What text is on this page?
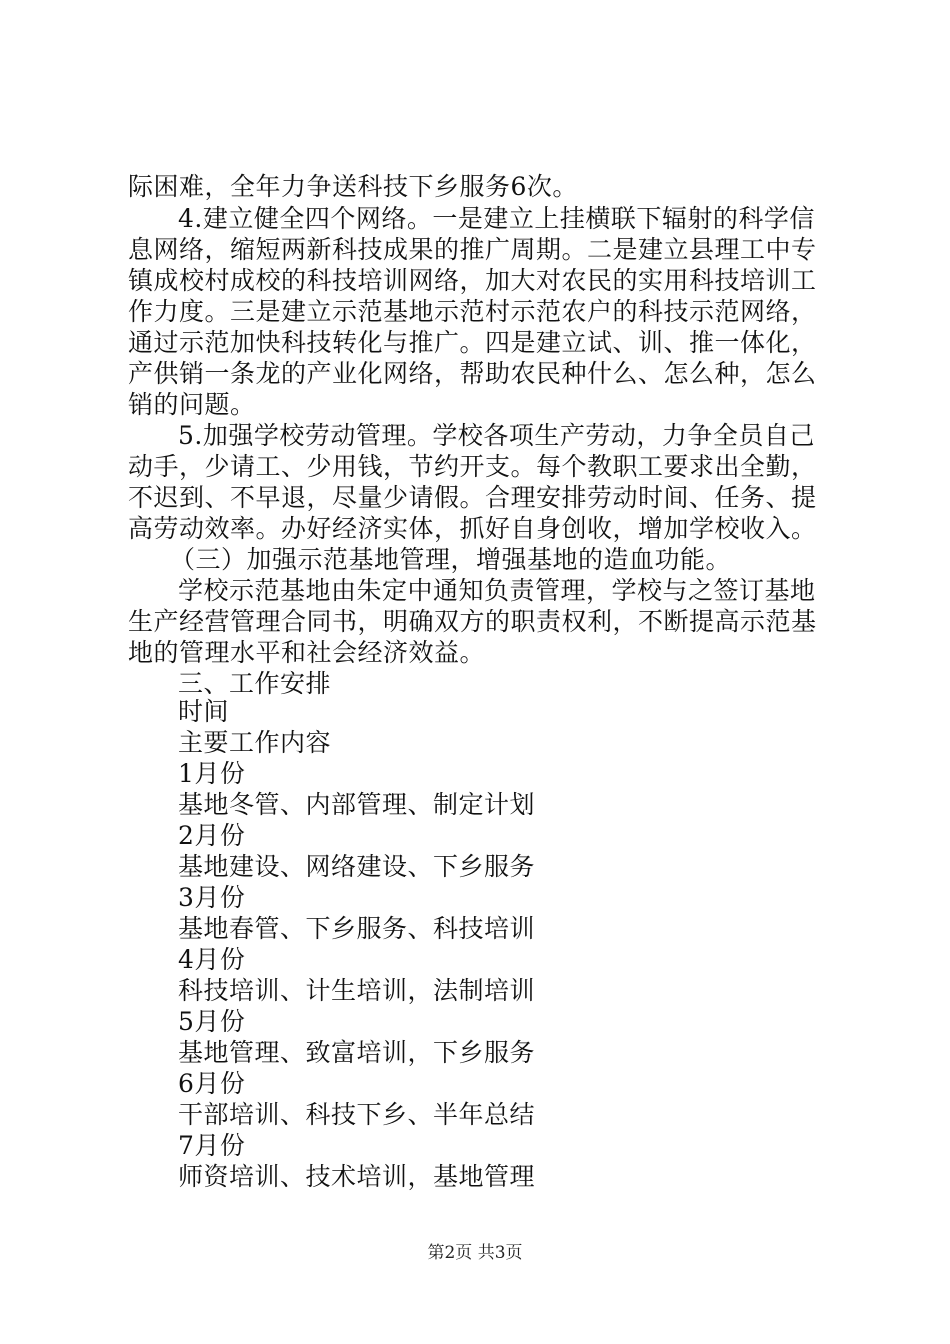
际困难，全年力争送科技下乡服务6次。
4.建立健全四个网络。一是建立上挂横联下辐射的科学信
息网络，缩短两新科技成果的推广周期。二是建立县理工中专
镇成校村成校的科技培训网络，加大对农民的实用科技培训工
作力度。三是建立示范基地示范村示范农户的科技示范网络，
通过示范加快科技转化与推广。四是建立试、训、推一体化，
产供销一条龙的产业化网络，帮助农民种什么、怎么种，怎么
销的问题。
5.加强学校劳动管理。学校各项生产劳动，力争全员自己
动手，少请工、少用钱，节约开支。每个教职工要求出全勤，
不迟到、不早退，尽量少请假。合理安排劳动时间、任务、提
高劳动效率。办好经济实体，抓好自身创收，增加学校收入。
（三）加强示范基地管理，增强基地的造血功能。
学校示范基地由朱定中通知负责管理，学校与之签订基地
生产经营管理合同书，明确双方的职责权利，不断提高示范基
地的管理水平和社会经济效益。
三、工作安排
时间
主要工作内容
1月份
基地冬管、内部管理、制定计划
2月份
基地建设、网络建设、下乡服务
3月份
基地春管、下乡服务、科技培训
4月份
科技培训、计生培训，法制培训
5月份
基地管理、致富培训，下乡服务
6月份
干部培训、科技下乡、半年总结
7月份
师资培训、技术培训，基地管理
第2页 共3页
